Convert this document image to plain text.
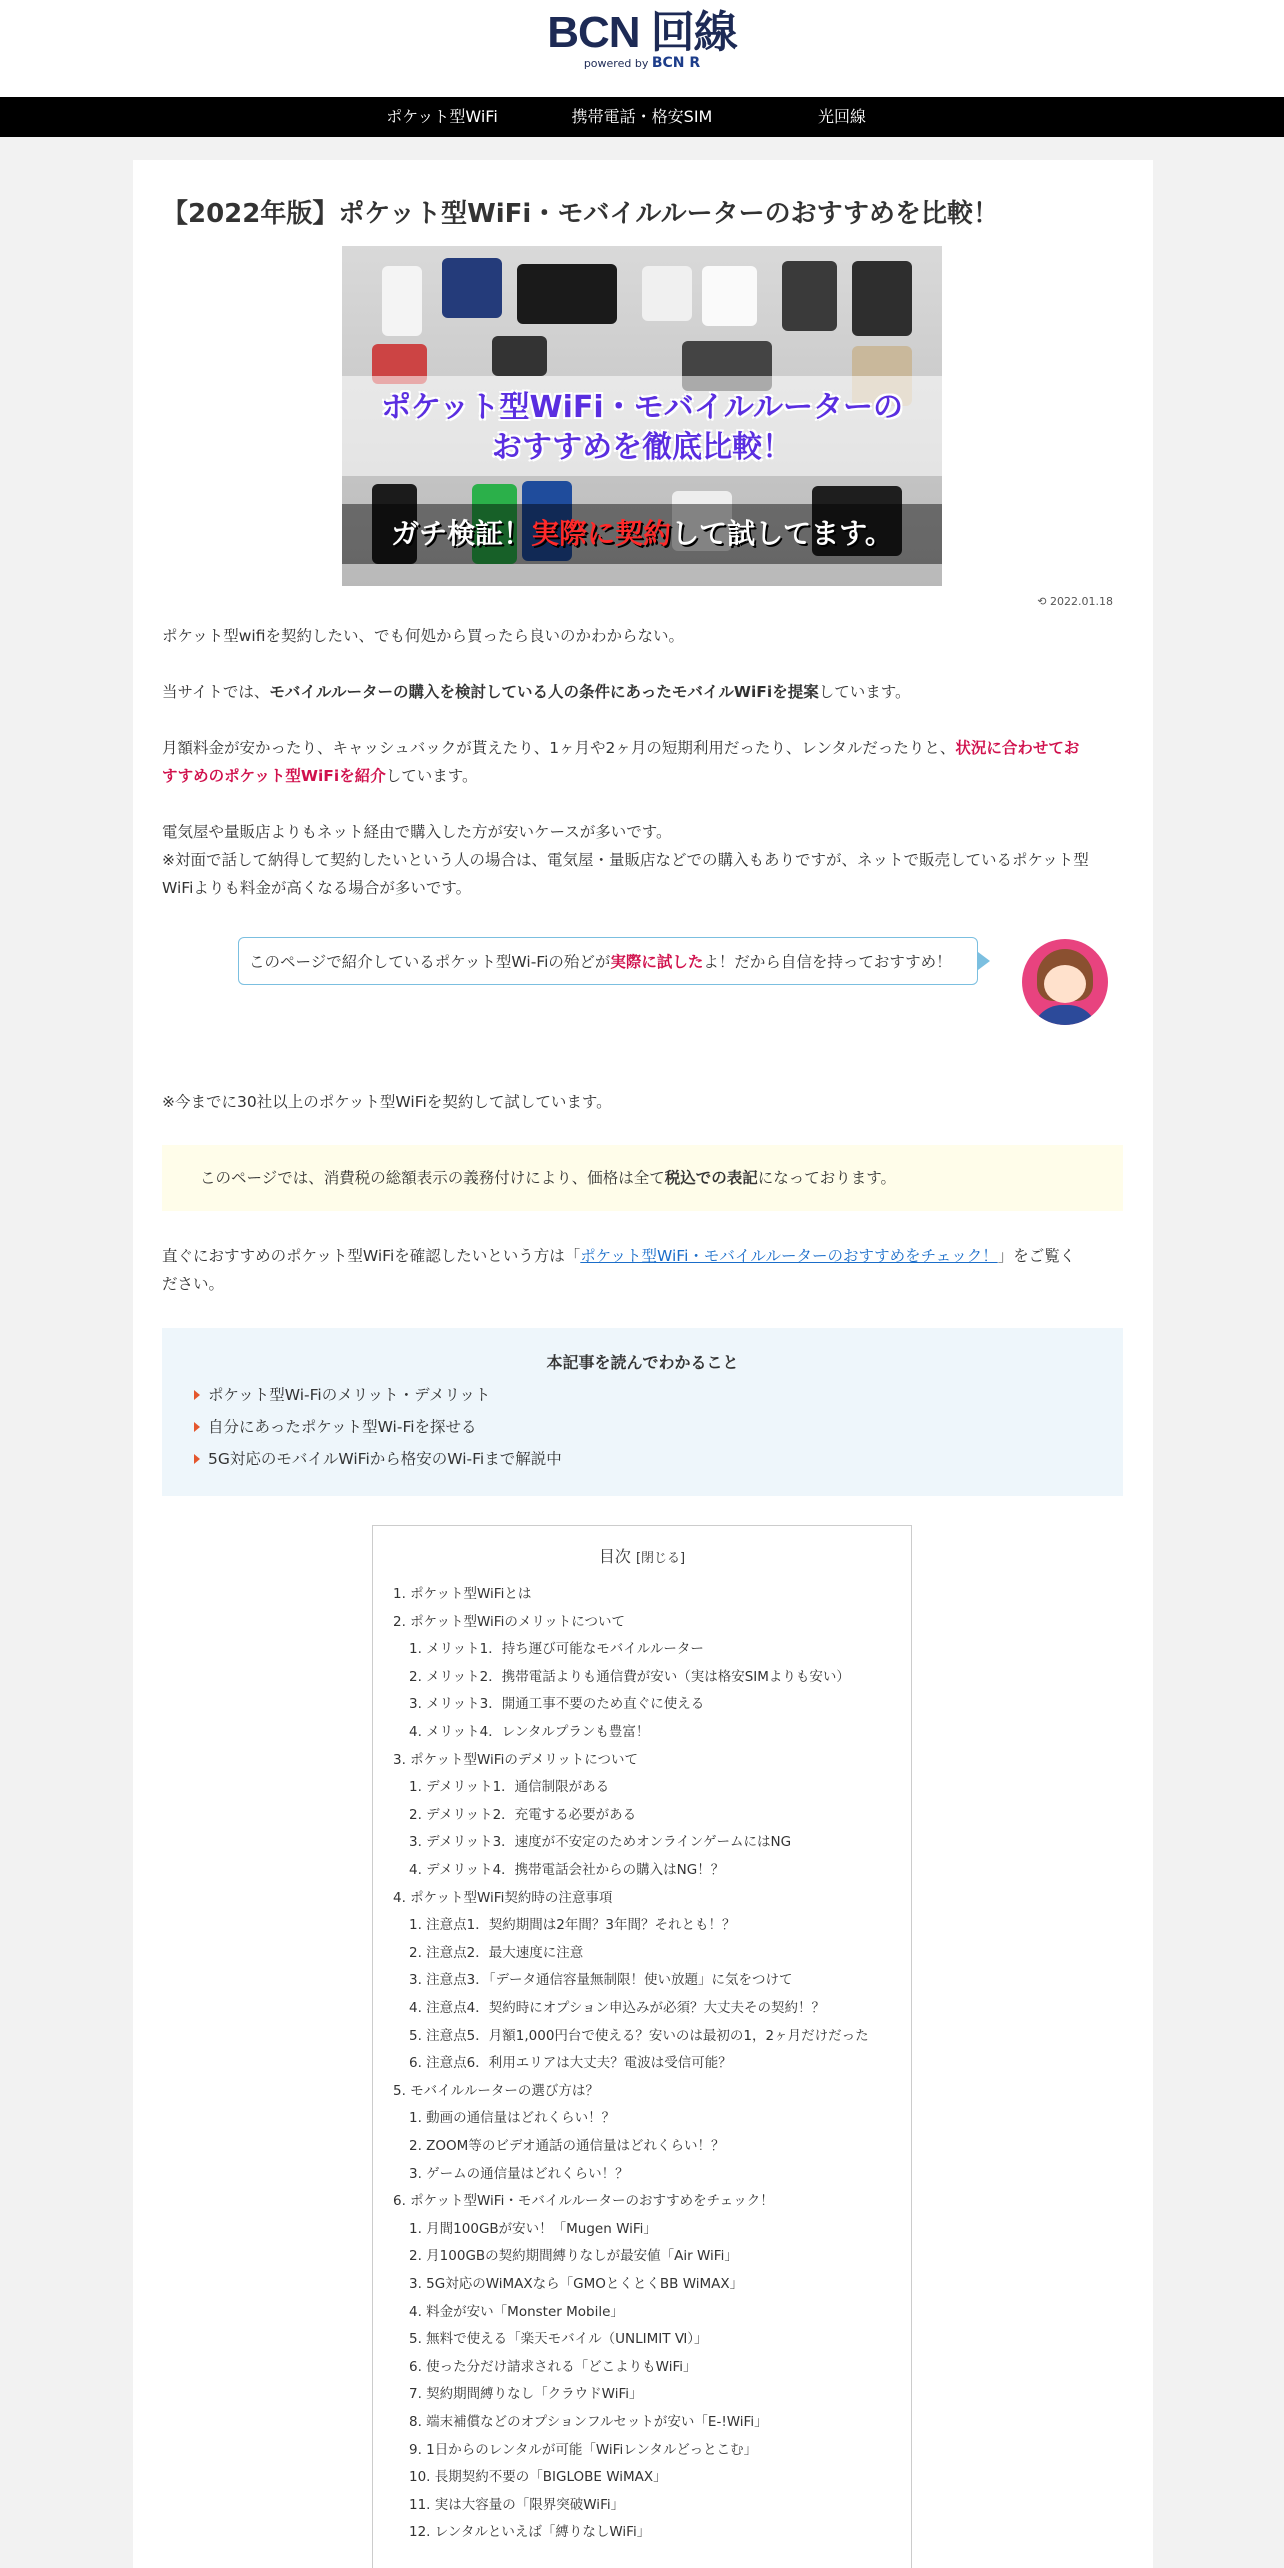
BCN 回線
powered by BCN R
ポケット型WiFi	携帯電話・格安SIM	光回線
【2022年版】ポケット型WiFi・モバイルルーターのおすすめを比較！
ポケット型WiFi・モバイルルーターの
おすすめを徹底比較！
ガチ検証！実際に契約して試してます。
⟲ 2022.01.18

ポケット型wifiを契約したい、でも何処から買ったら良いのかわからない。

当サイトでは、モバイルルーターの購入を検討している人の条件にあったモバイルWiFiを提案しています。

月額料金が安かったり、キャッシュバックが貰えたり、1ヶ月や2ヶ月の短期利用だったり、レンタルだったりと、状況に合わせてお
すすめのポケット型WiFiを紹介しています。

電気屋や量販店よりもネット経由で購入した方が安いケースが多いです。
※対面で話して納得して契約したいという人の場合は、電気屋・量販店などでの購入もありですが、ネットで販売しているポケット型
WiFiよりも料金が高くなる場合が多いです。

このページで紹介しているポケット型Wi-Fiの殆どが実際に試したよ！だから自信を持っておすすめ！

※今までに30社以上のポケット型WiFiを契約して試しています。

このページでは、消費税の総額表示の義務付けにより、価格は全て税込での表記になっております。

直ぐにおすすめのポケット型WiFiを確認したいという方は「ポケット型WiFi・モバイルルーターのおすすめをチェック！」をご覧く
ださい。

本記事を読んでわかること
ポケット型Wi-Fiのメリット・デメリット
自分にあったポケット型Wi-Fiを探せる
5G対応のモバイルWiFiから格安のWi-Fiまで解説中
目次 [閉じる]
1. ポケット型WiFiとは
2. ポケット型WiFiのメリットについて
1. メリット1．持ち運び可能なモバイルルーター
2. メリット2．携帯電話よりも通信費が安い（実は格安SIMよりも安い）
3. メリット3．開通工事不要のため直ぐに使える
4. メリット4．レンタルプランも豊富！
3. ポケット型WiFiのデメリットについて
1. デメリット1．通信制限がある
2. デメリット2．充電する必要がある
3. デメリット3．速度が不安定のためオンラインゲームにはNG
4. デメリット4．携帯電話会社からの購入はNG！？
4. ポケット型WiFi契約時の注意事項
1. 注意点1．契約期間は2年間？3年間？それとも！？
2. 注意点2．最大速度に注意
3. 注意点3．「データ通信容量無制限！使い放題」に気をつけて
4. 注意点4．契約時にオプション申込みが必須？大丈夫その契約！？
5. 注意点5．月額1,000円台で使える？安いのは最初の1，2ヶ月だけだった
6. 注意点6．利用エリアは大丈夫？電波は受信可能？
5. モバイルルーターの選び方は？
1. 動画の通信量はどれくらい！？
2. ZOOM等のビデオ通話の通信量はどれくらい！？
3. ゲームの通信量はどれくらい！？
6. ポケット型WiFi・モバイルルーターのおすすめをチェック！
1. 月間100GBが安い！「Mugen WiFi」
2. 月100GBの契約期間縛りなしが最安値「Air WiFi」
3. 5G対応のWiMAXなら「GMOとくとくBB WiMAX」
4. 料金が安い「Monster Mobile」
5. 無料で使える「楽天モバイル（UNLIMIT Ⅵ）」
6. 使った分だけ請求される「どこよりもWiFi」
7. 契約期間縛りなし「クラウドWiFi」
8. 端末補償などのオプションフルセットが安い「E-!WiFi」
9. 1日からのレンタルが可能「WiFiレンタルどっとこむ」
10. 長期契約不要の「BIGLOBE WiMAX」
11. 実は大容量の「限界突破WiFi」
12. レンタルといえば「縛りなしWiFi」
